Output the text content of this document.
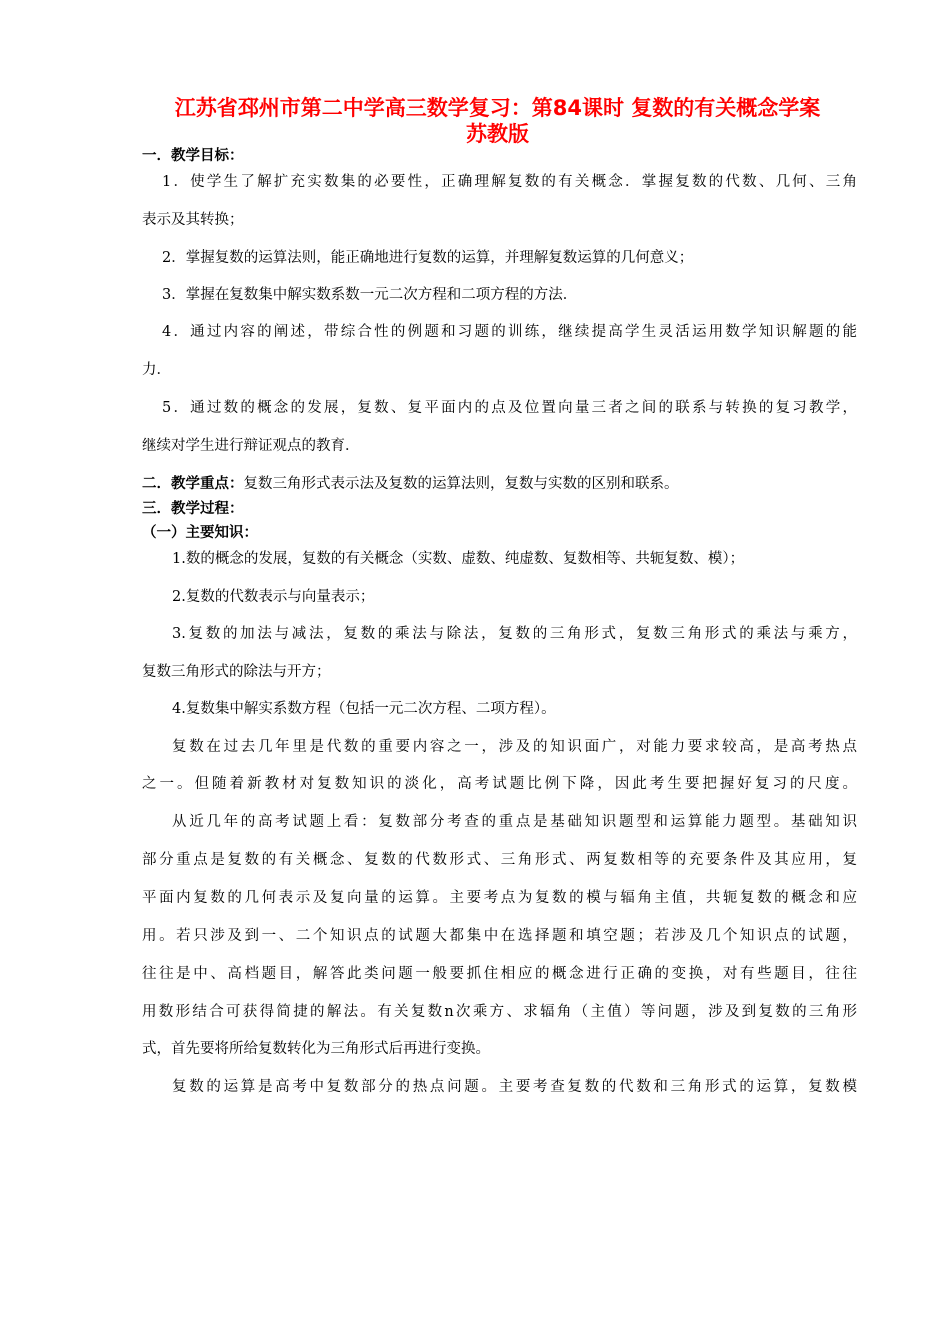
江苏省邳州市第二中学高三数学复习：第84课时 复数的有关概念学案
苏教版
一．教学目标：
1．使学生了解扩充实数集的必要性，正确理解复数的有关概念．掌握复数的代数、几何、三角
表示及其转换；
2．掌握复数的运算法则，能正确地进行复数的运算，并理解复数运算的几何意义；
3．掌握在复数集中解实数系数一元二次方程和二项方程的方法．
4．通过内容的阐述，带综合性的例题和习题的训练，继续提高学生灵活运用数学知识解题的能
力．
5．通过数的概念的发展，复数、复平面内的点及位置向量三者之间的联系与转换的复习教学，
继续对学生进行辩证观点的教育．
二．教学重点：复数三角形式表示法及复数的运算法则，复数与实数的区别和联系。
三．教学过程：
（一）主要知识：
1.数的概念的发展，复数的有关概念（实数、虚数、纯虚数、复数相等、共轭复数、模）；
2.复数的代数表示与向量表示；
3.复数的加法与减法，复数的乘法与除法，复数的三角形式，复数三角形式的乘法与乘方，
复数三角形式的除法与开方；
4.复数集中解实系数方程（包括一元二次方程、二项方程）。
复数在过去几年里是代数的重要内容之一，涉及的知识面广，对能力要求较高，是高考热点
之一。但随着新教材对复数知识的淡化，高考试题比例下降，因此考生要把握好复习的尺度。
从近几年的高考试题上看：复数部分考查的重点是基础知识题型和运算能力题型。基础知识
部分重点是复数的有关概念、复数的代数形式、三角形式、两复数相等的充要条件及其应用，复
平面内复数的几何表示及复向量的运算。主要考点为复数的模与辐角主值，共轭复数的概念和应
用。若只涉及到一、二个知识点的试题大都集中在选择题和填空题；若涉及几个知识点的试题，
往往是中、高档题目，解答此类问题一般要抓住相应的概念进行正确的变换，对有些题目，往往
用数形结合可获得简捷的解法。有关复数n次乘方、求辐角（主值）等问题，涉及到复数的三角形
式，首先要将所给复数转化为三角形式后再进行变换。
复数的运算是高考中复数部分的热点问题。主要考查复数的代数和三角形式的运算，复数模
